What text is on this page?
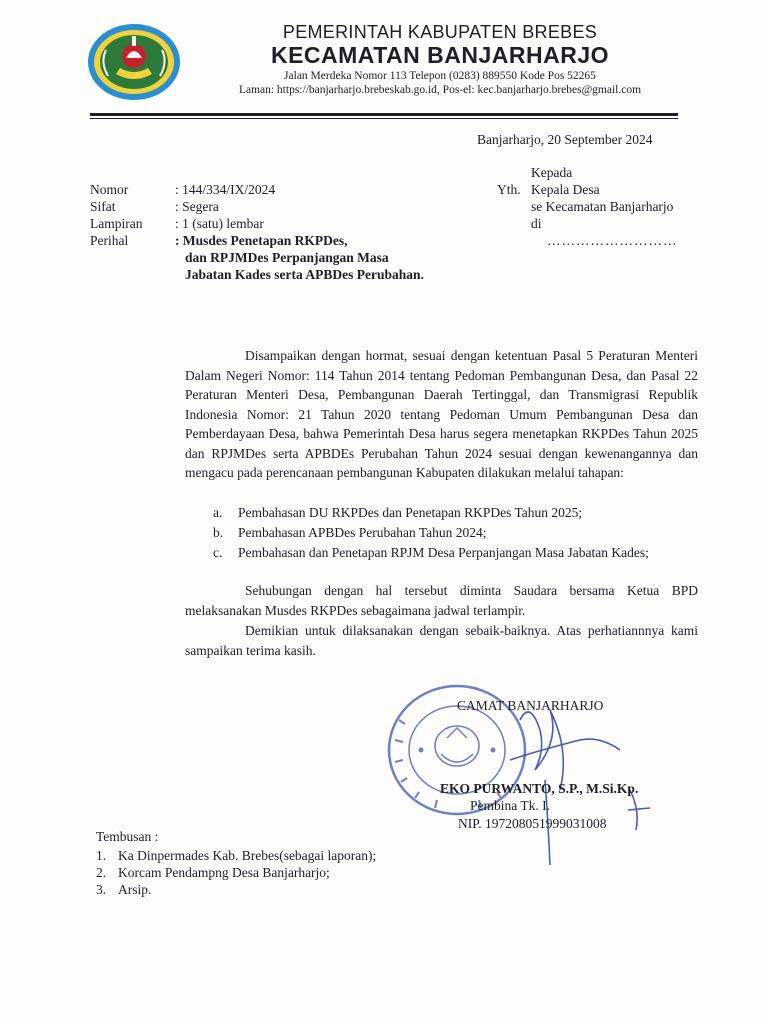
PEMERINTAH KABUPATEN BREBES
KECAMATAN BANJARHARJO
Jalan Merdeka Nomor 113 Telepon (0283) 889550 Kode Pos 52265
Laman: https://banjarharjo.brebeskab.go.id, Pos-el: kec.banjarharjo.brebes@gmail.com
Banjarharjo, 20 September 2024
Nomor	: 144/334/IX/2024
Sifat	: Segera
Lampiran	: 1 (satu) lembar
Perihal	: Musdes Penetapan RKPDes,
dan RPJMDes Perpanjangan Masa
Jabatan Kades serta APBDes Perubahan.
Kepada
Yth. Kepala Desa
se Kecamatan Banjarharjo
di
………………………
Disampaikan dengan hormat, sesuai dengan ketentuan Pasal 5 Peraturan Menteri Dalam Negeri Nomor: 114 Tahun 2014 tentang Pedoman Pembangunan Desa, dan Pasal 22 Peraturan Menteri Desa, Pembangunan Daerah Tertinggal, dan Transmigrasi Republik Indonesia Nomor: 21 Tahun 2020 tentang Pedoman Umum Pembangunan Desa dan Pemberdayaan Desa, bahwa Pemerintah Desa harus segera menetapkan RKPDes Tahun 2025 dan RPJMDes serta APBDEs Perubahan Tahun 2024 sesuai dengan kewenangannya dan mengacu pada perencanaan pembangunan Kabupaten dilakukan melalui tahapan:
a. Pembahasan DU RKPDes dan Penetapan RKPDes Tahun 2025;
b. Pembahasan APBDes Perubahan Tahun 2024;
c. Pembahasan dan Penetapan RPJM Desa Perpanjangan Masa Jabatan Kades;
Sehubungan dengan hal tersebut diminta Saudara bersama Ketua BPD melaksanakan Musdes RKPDes sebagaimana jadwal terlampir.
Demikian untuk dilaksanakan dengan sebaik-baiknya. Atas perhatiannnya kami sampaikan terima kasih.
CAMAT BANJARHARJO
EKO PURWANTO, S.P., M.Si.Kp.
Pembina Tk. I.
NIP. 197208051999031008
Tembusan :
1. Ka Dinpermades Kab. Brebes(sebagai laporan);
2. Korcam Pendampng Desa Banjarharjo;
3. Arsip.
